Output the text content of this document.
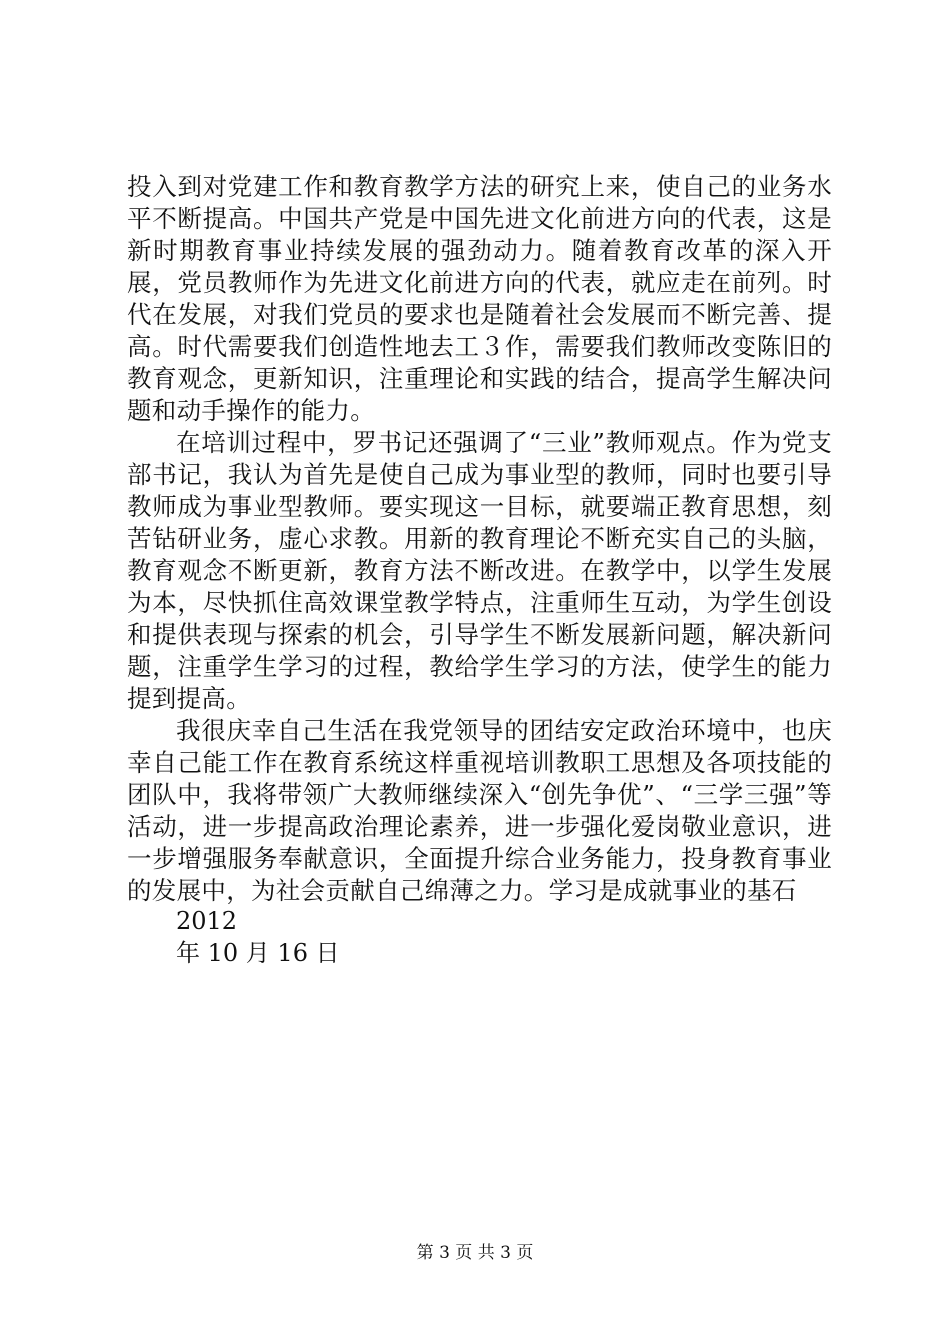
投入到对党建工作和教育教学方法的研究上来，使自己的业务水平不断提高。中国共产党是中国先进文化前进方向的代表，这是新时期教育事业持续发展的强劲动力。随着教育改革的深入开展，党员教师作为先进文化前进方向的代表，就应走在前列。时代在发展，对我们党员的要求也是随着社会发展而不断完善、提高。时代需要我们创造性地去工３作，需要我们教师改变陈旧的教育观念，更新知识，注重理论和实践的结合，提高学生解决问题和动手操作的能力。

在培训过程中，罗书记还强调了“三业”教师观点。作为党支部书记，我认为首先是使自己成为事业型的教师，同时也要引导教师成为事业型教师。要实现这一目标，就要端正教育思想，刻苦钻研业务，虚心求教。用新的教育理论不断充实自己的头脑，教育观念不断更新，教育方法不断改进。在教学中，以学生发展为本，尽快抓住高效课堂教学特点，注重师生互动，为学生创设和提供表现与探索的机会，引导学生不断发展新问题，解决新问题，注重学生学习的过程，教给学生学习的方法，使学生的能力提到提高。

我很庆幸自己生活在我党领导的团结安定政治环境中，也庆幸自己能工作在教育系统这样重视培训教职工思想及各项技能的团队中，我将带领广大教师继续深入“创先争优”、“三学三强”等活动，进一步提高政治理论素养，进一步强化爱岗敬业意识，进一步增强服务奉献意识，全面提升综合业务能力，投身教育事业的发展中，为社会贡献自己绵薄之力。学习是成就事业的基石

2012
年 10 月 16 日
第 3 页 共 3 页
